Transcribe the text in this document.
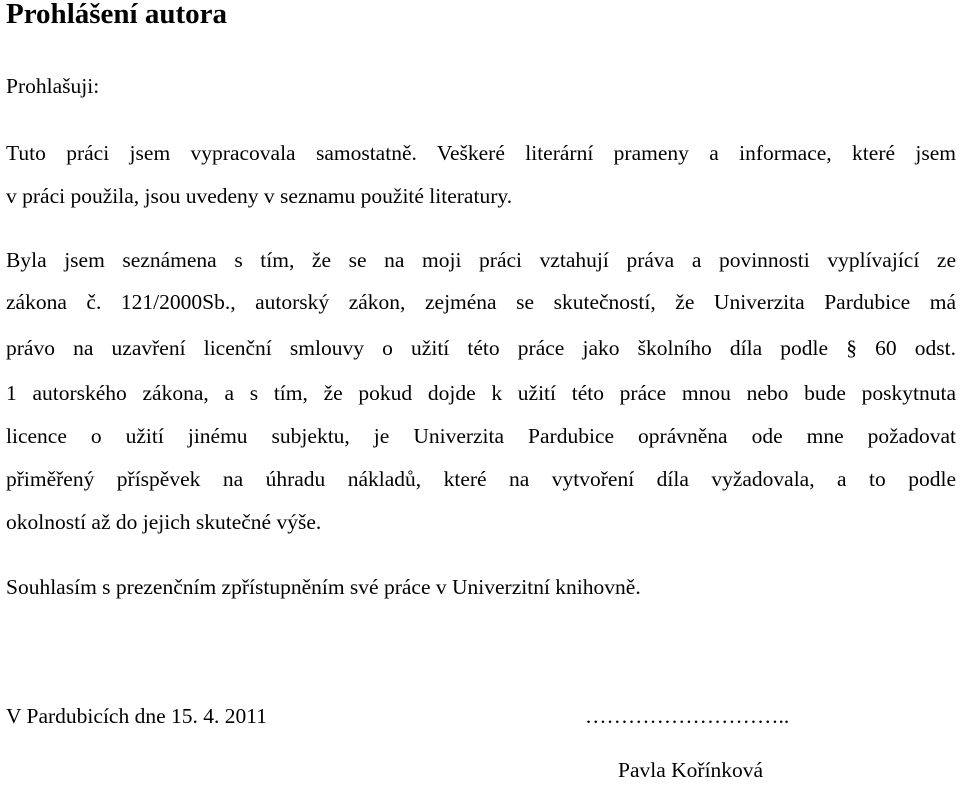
Prohlášení autora

Prohlašuji:

Tuto práci jsem vypracovala samostatně. Veškeré literární prameny a informace, které jsem

v práci použila, jsou uvedeny v seznamu použité literatury.

Byla jsem seznámena s tím, že se na moji práci vztahují práva a povinnosti vyplívající ze

zákona č. 121/2000Sb., autorský zákon, zejména se skutečností, že Univerzita Pardubice má

právo na uzavření licenční smlouvy o užití této práce jako školního díla podle § 60 odst.

1 autorského zákona, a s tím, že pokud dojde k užití této práce mnou nebo bude poskytnuta

licence o užití jinému subjektu, je Univerzita Pardubice oprávněna ode mne požadovat

přiměřený příspěvek na úhradu nákladů, které na vytvoření díla vyžadovala, a to podle

okolností až do jejich skutečné výše.

Souhlasím s prezenčním zpřístupněním své práce v Univerzitní knihovně.

V Pardubicích dne 15. 4. 2011	………………………..

Pavla Kořínková
